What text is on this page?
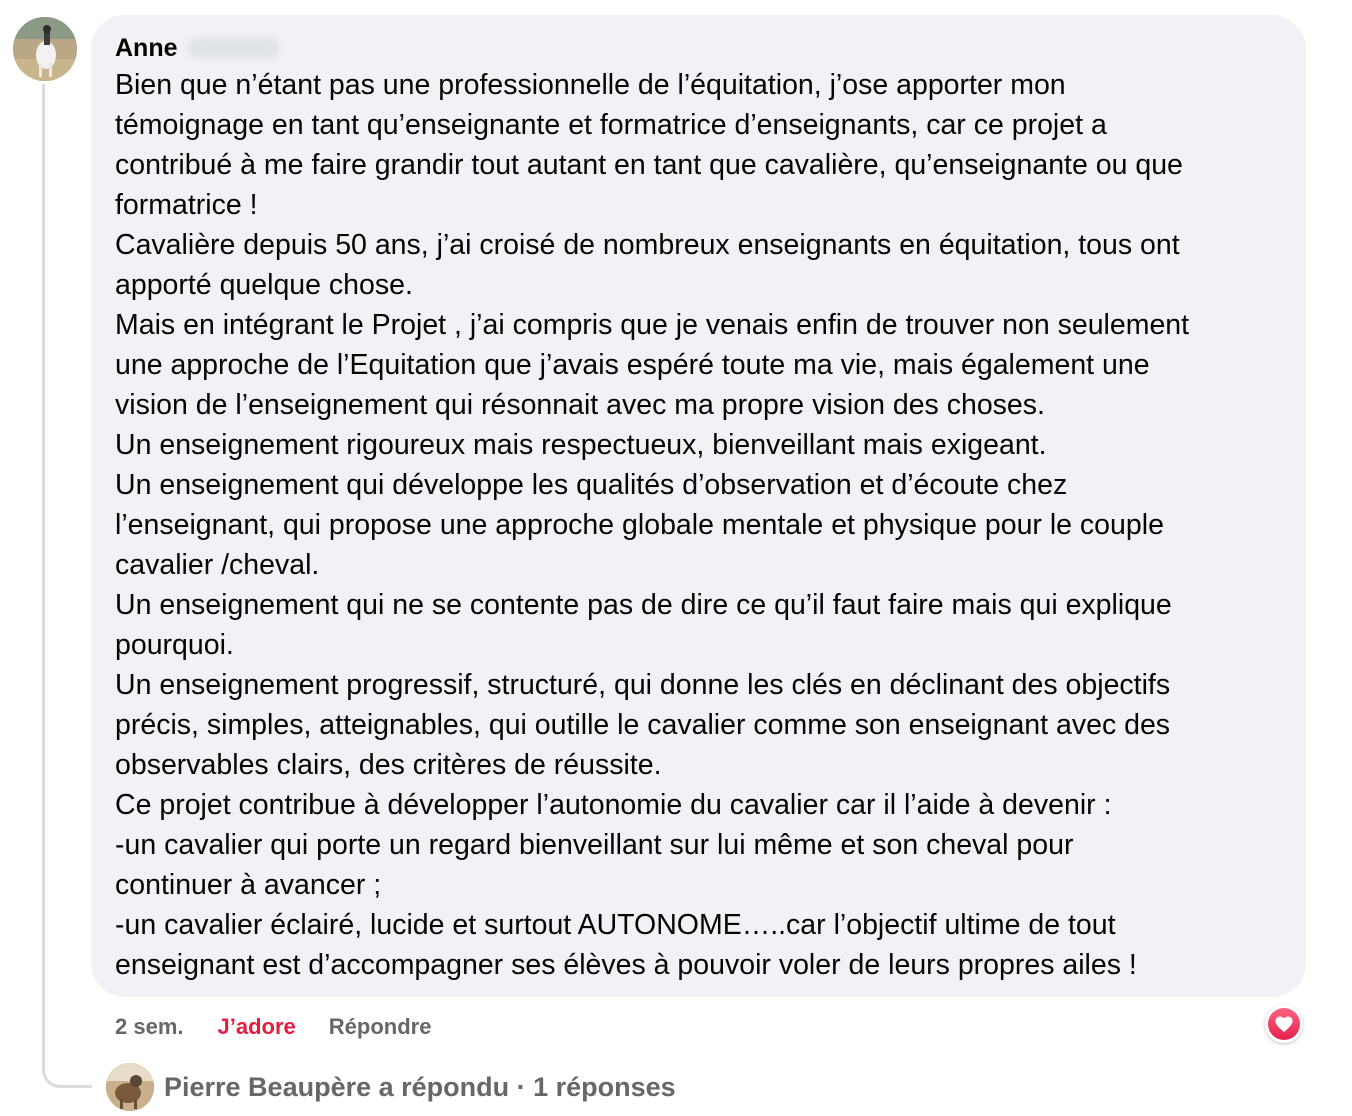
Anne
Bien que n’étant pas une professionnelle de l’équitation, j’ose apporter mon
témoignage en tant qu’enseignante et formatrice d’enseignants, car ce projet a
contribué à me faire grandir tout autant en tant que cavalière, qu’enseignante ou que
formatrice !
Cavalière depuis 50 ans, j’ai croisé de nombreux enseignants en équitation, tous ont
apporté quelque chose.
Mais en intégrant le Projet , j’ai compris que je venais enfin de trouver non seulement
une approche de l’Equitation que j’avais espéré toute ma vie, mais également une
vision de l’enseignement qui résonnait avec ma propre vision des choses.
Un enseignement rigoureux mais respectueux, bienveillant mais exigeant.
Un enseignement qui développe les qualités d’observation et d’écoute chez
l’enseignant, qui propose une approche globale mentale et physique pour le couple
cavalier /cheval.
Un enseignement qui ne se contente pas de dire ce qu’il faut faire mais qui explique
pourquoi.
Un enseignement progressif, structuré, qui donne les clés en déclinant des objectifs
précis, simples, atteignables, qui outille le cavalier comme son enseignant avec des
observables clairs, des critères de réussite.
Ce projet contribue à développer l’autonomie du cavalier car il l’aide à devenir :
-un cavalier qui porte un regard bienveillant sur lui même et son cheval pour
continuer à avancer ;
-un cavalier éclairé, lucide et surtout AUTONOME…..car l’objectif ultime de tout
enseignant est d’accompagner ses élèves à pouvoir voler de leurs propres ailes !
2 sem. J’adore Répondre
Pierre Beaupère a répondu · 1 réponses
